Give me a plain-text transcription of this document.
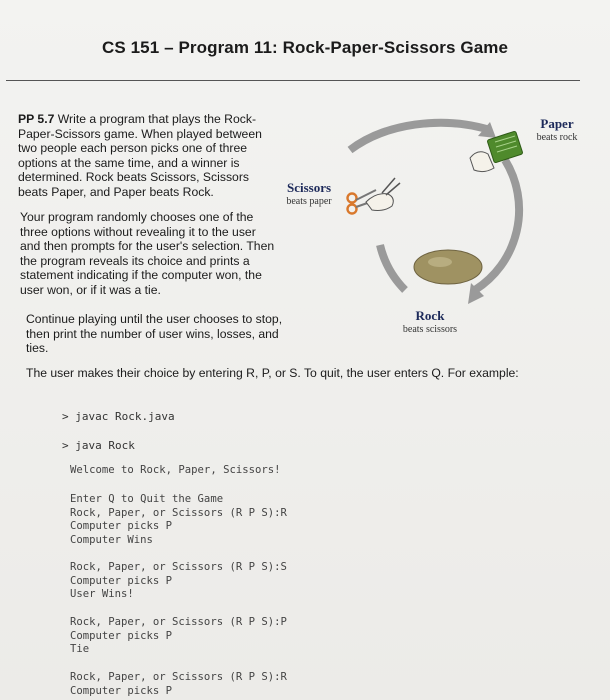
CS 151 – Program 11: Rock-Paper-Scissors Game
PP 5.7 Write a program that plays the Rock-Paper-Scissors game. When played between two people each person picks one of three options at the same time, and a winner is determined. Rock beats Scissors, Scissors beats Paper, and Paper beats Rock.
Your program randomly chooses one of the three options without revealing it to the user and then prompts for the user's selection. Then the program reveals its choice and prints a statement indicating if the computer won, the user won, or if it was a tie.
Continue playing until the user chooses to stop, then print the number of user wins, losses, and ties.
The user makes their choice by entering R, P, or S. To quit, the user enters Q. For example:
Paper
beats rock
Scissors
beats paper
Rock
beats scissors
> javac Rock.java
> java Rock
Welcome to Rock, Paper, Scissors!
Enter Q to Quit the Game
Rock, Paper, or Scissors (R P S):R
Computer picks P
Computer Wins
Rock, Paper, or Scissors (R P S):S
Computer picks P
User Wins!
Rock, Paper, or Scissors (R P S):P
Computer picks P
Tie
Rock, Paper, or Scissors (R P S):R
Computer picks P
